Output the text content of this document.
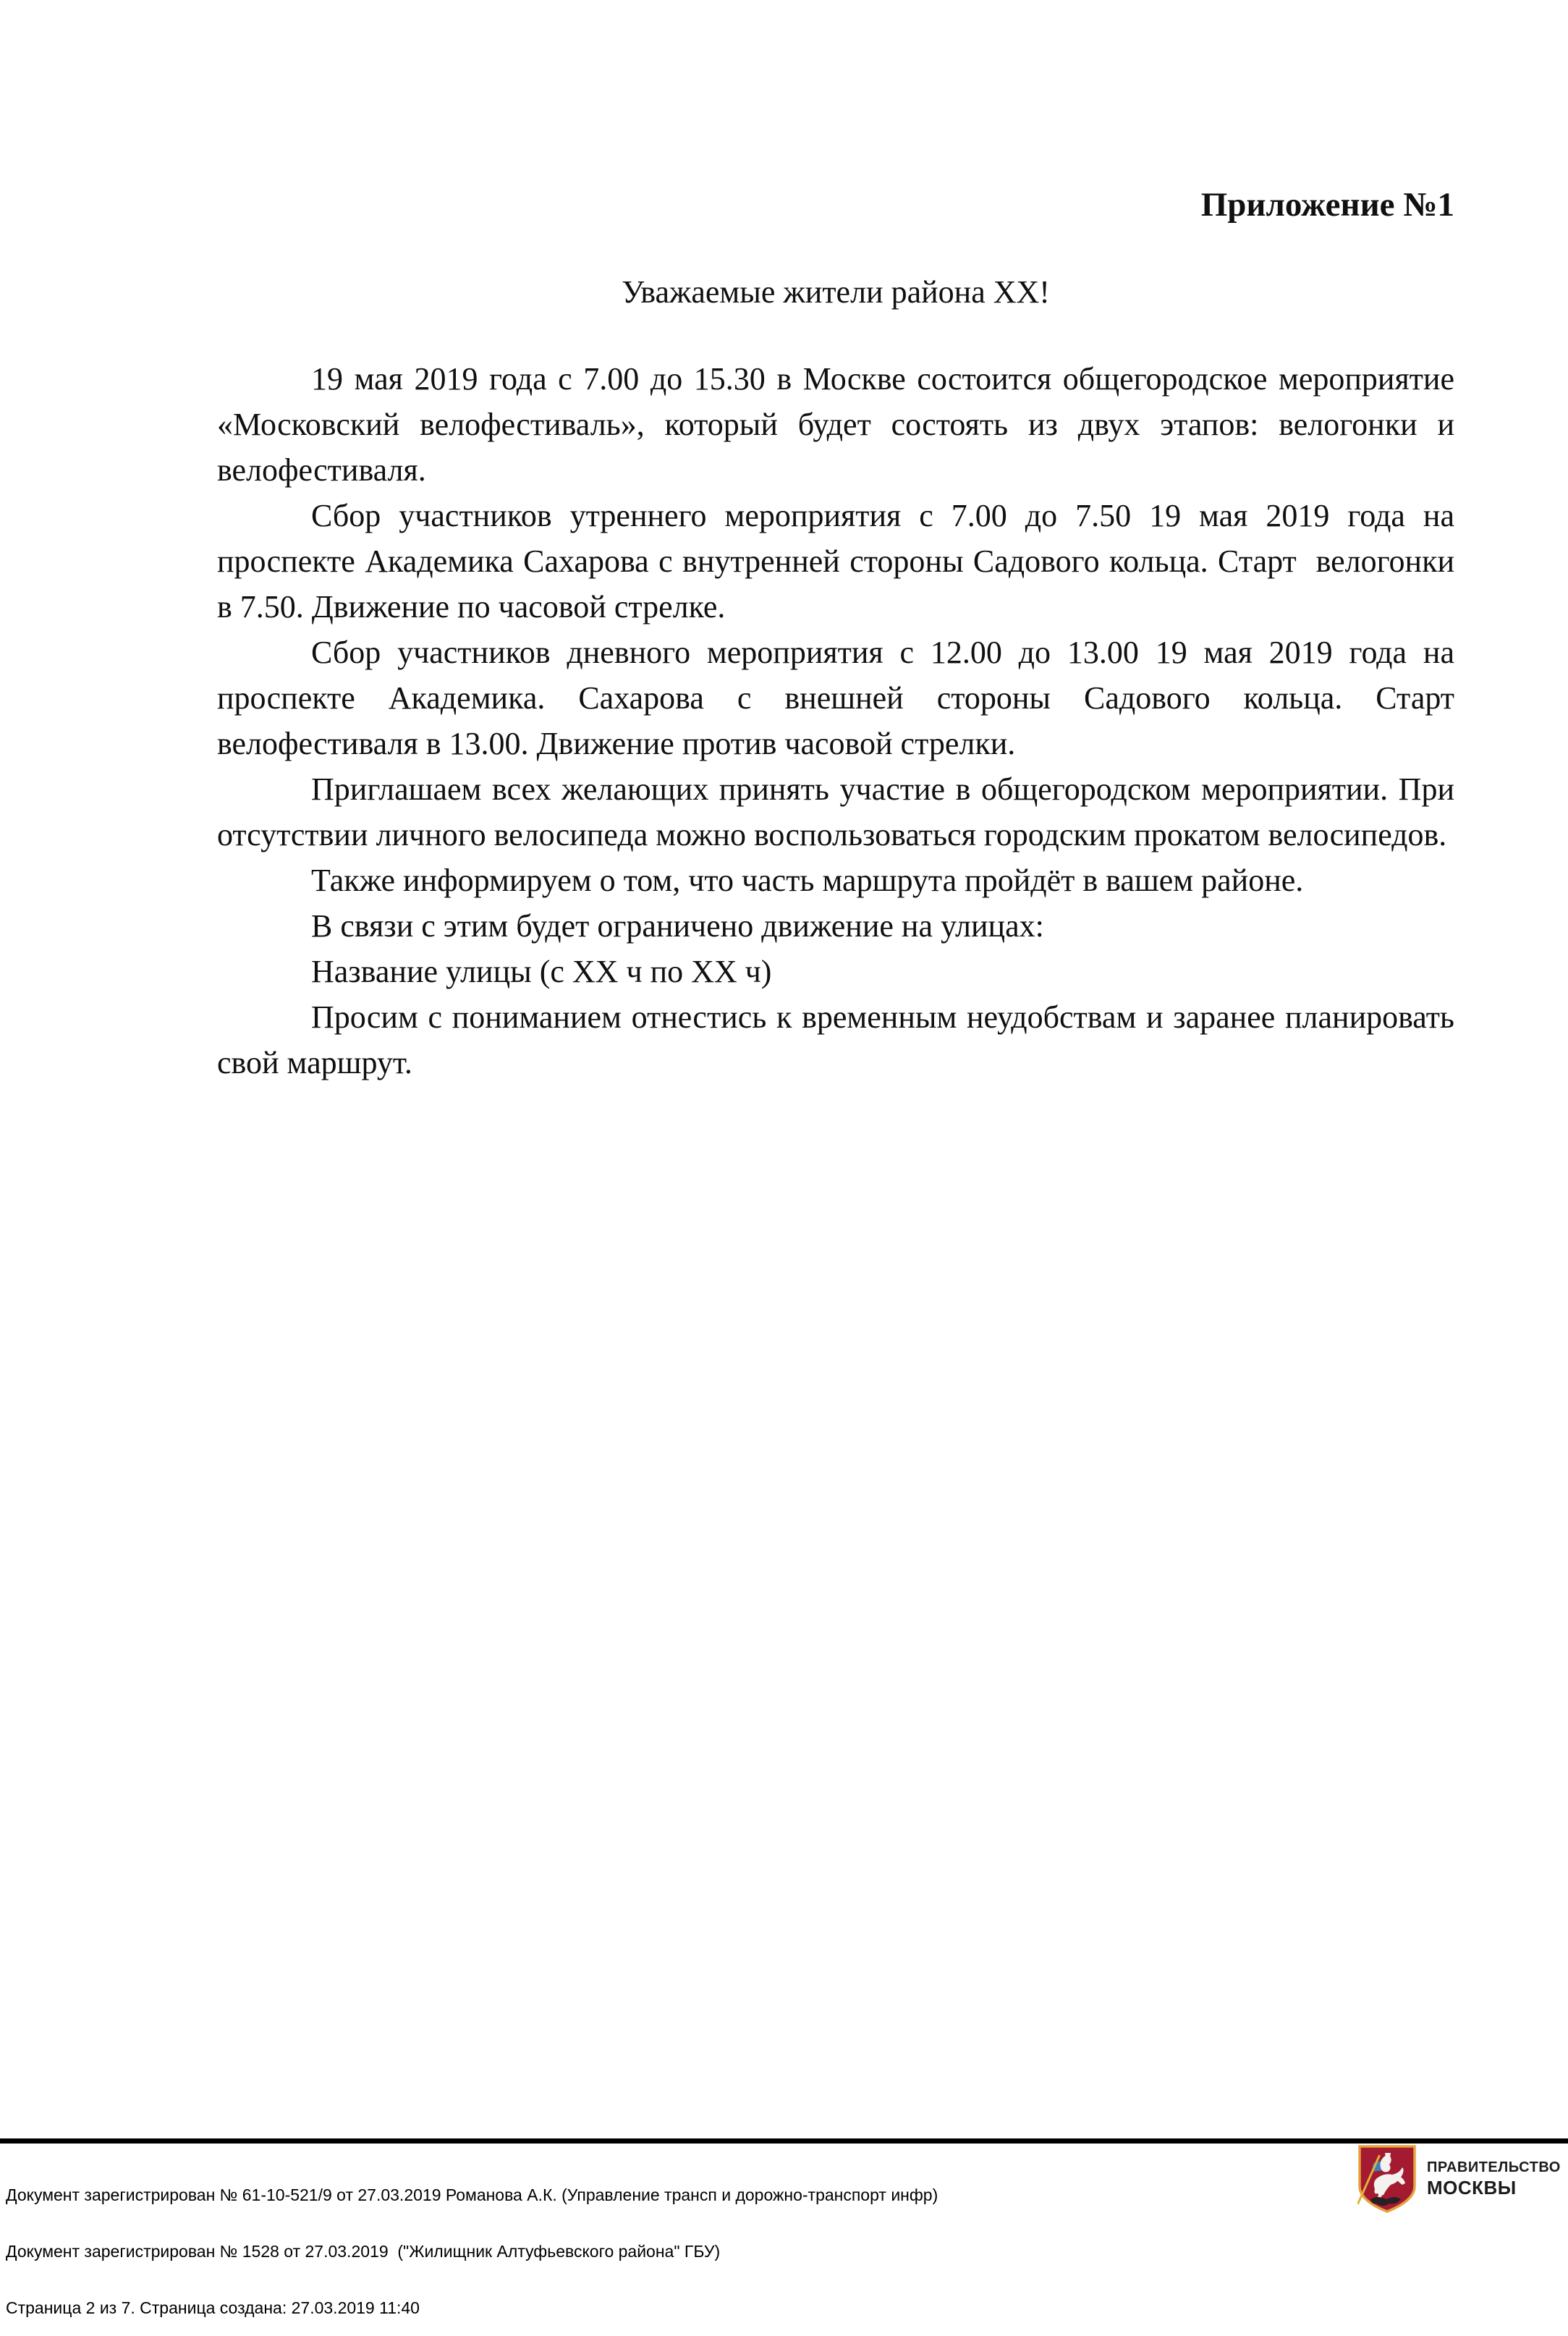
Приложение №1
Уважаемые жители района XX!

19 мая 2019 года с 7.00 до 15.30 в Москве состоится общегородское мероприятие «Московский велофестиваль», который будет состоять из двух этапов: велогонки и велофестиваля.

Сбор участников утреннего мероприятия с 7.00 до 7.50 19 мая 2019 года на проспекте Академика Сахарова с внутренней стороны Садового кольца. Старт  велогонки в 7.50. Движение по часовой стрелке.

Сбор участников дневного мероприятия с 12.00 до 13.00 19 мая 2019 года на проспекте Академика. Сахарова с внешней стороны Садового кольца. Старт велофестиваля в 13.00. Движение против часовой стрелки.

Приглашаем всех желающих принять участие в общегородском мероприятии. При отсутствии личного велосипеда можно воспользоваться городским прокатом велосипедов.

Также информируем о том, что часть маршрута пройдёт в вашем районе.

В связи с этим будет ограничено движение на улицах:

Название улицы (с XX ч по XX ч)

Просим с пониманием отнестись к временным неудобствам и заранее планировать свой маршрут.

Документ зарегистрирован № 61-10-521/9 от 27.03.2019 Романова А.К. (Управление трансп и дорожно-транспорт инфр)

Документ зарегистрирован № 1528 от 27.03.2019  ("Жилищник Алтуфьевского района" ГБУ)

Страница 2 из 7. Страница создана: 27.03.2019 11:40

ПРАВИТЕЛЬСТВО
МОСКВЫ
